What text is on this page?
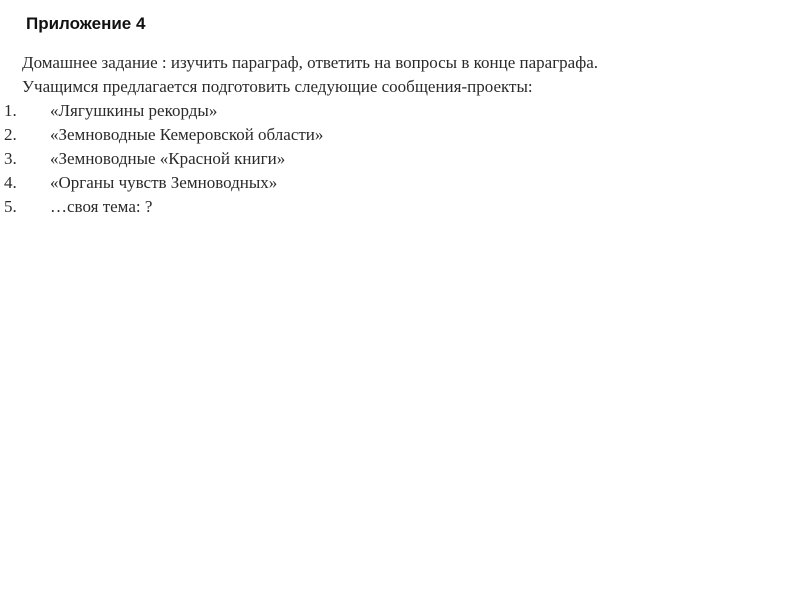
Приложение 4

Домашнее задание : изучить параграф, ответить на вопросы в конце параграфа.

Учащимся предлагается подготовить следующие сообщения-проекты:

1.	«Лягушкины рекорды»
2.	«Земноводные Кемеровской области»
3.	«Земноводные «Красной книги»
4.	«Органы чувств Земноводных»
5.	…своя тема: ?
